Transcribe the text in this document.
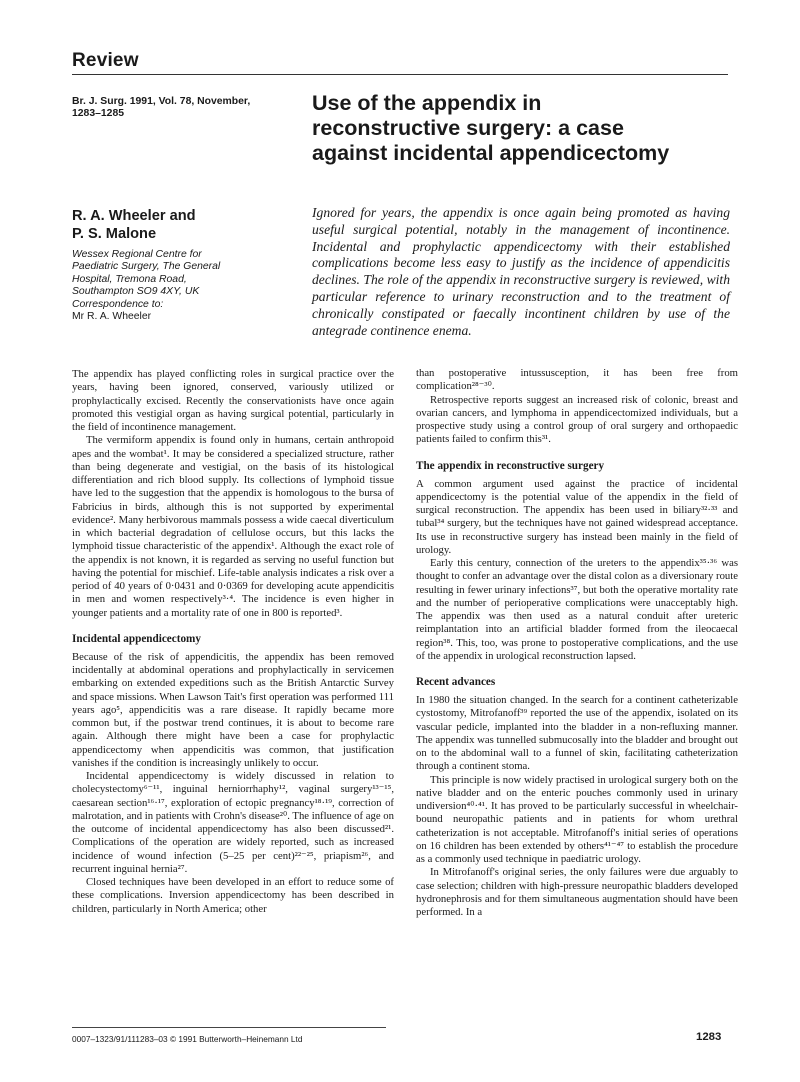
Review
Br. J. Surg. 1991, Vol. 78, November,
1283–1285	Use of the appendix in
reconstructive surgery: a case
against incidental appendicectomy
R. A. Wheeler and
P. S. Malone
Wessex Regional Centre for
Paediatric Surgery, The General
Hospital, Tremona Road,
Southampton SO9 4XY, UK
Correspondence to:
Mr R. A. Wheeler
Ignored for years, the appendix is once again being promoted as having useful surgical potential, notably in the management of incontinence. Incidental and prophylactic appendicectomy with their established complications become less easy to justify as the incidence of appendicitis declines. The role of the appendix in reconstructive surgery is reviewed, with particular reference to urinary reconstruction and to the treatment of chronically constipated or faecally incontinent children by use of the antegrade continence enema.

The appendix has played conflicting roles in surgical practice over the years, having been ignored, conserved, variously utilized or prophylactically excised. Recently the conservationists have once again promoted this vestigial organ as having surgical potential, particularly in the field of incontinence management.

The vermiform appendix is found only in humans, certain anthropoid apes and the wombat¹. It may be considered a specialized structure, rather than being degenerate and vestigial, on the basis of its histological differentiation and rich blood supply. Its collections of lymphoid tissue have led to the suggestion that the appendix is homologous to the bursa of Fabricius in birds, although this is not supported by experimental evidence². Many herbivorous mammals possess a wide caecal diverticulum in which bacterial degradation of cellulose occurs, but this lacks the lymphoid tissue characteristic of the appendix¹. Although the exact role of the appendix is not known, it is regarded as serving no useful function but having the potential for mischief. Life-table analysis indicates a risk over a period of 40 years of 0·0431 and 0·0369 for developing acute appendicitis in men and women respectively³·⁴. The incidence is even higher in younger patients and a mortality rate of one in 800 is reported³.

Incidental appendicectomy

Because of the risk of appendicitis, the appendix has been removed incidentally at abdominal operations and prophylactically in servicemen embarking on extended expeditions such as the British Antarctic Survey and space missions. When Lawson Tait's first operation was performed 111 years ago⁵, appendicitis was a rare disease. It rapidly became more common but, if the postwar trend continues, it is about to become rare again. Although there might have been a case for prophylactic appendicectomy when appendicitis was common, that justification vanishes if the condition is increasingly unlikely to occur.

Incidental appendicectomy is widely discussed in relation to cholecystectomy⁶⁻¹¹, inguinal herniorrhaphy¹², vaginal surgery¹³⁻¹⁵, caesarean section¹⁶·¹⁷, exploration of ectopic pregnancy¹⁸·¹⁹, correction of malrotation, and in patients with Crohn's disease²⁰. The influence of age on the outcome of incidental appendicectomy has also been discussed²¹. Complications of the operation are widely reported, such as increased incidence of wound infection (5–25 per cent)²²⁻²⁵, priapism²⁶, and recurrent inguinal hernia²⁷.

Closed techniques have been developed in an effort to reduce some of these complications. Inversion appendicectomy has been described in children, particularly in North America; other

than postoperative intussusception, it has been free from complication²⁸⁻³⁰.

Retrospective reports suggest an increased risk of colonic, breast and ovarian cancers, and lymphoma in appendicectomized individuals, but a prospective study using a control group of oral surgery and orthopaedic patients failed to confirm this³¹.

The appendix in reconstructive surgery

A common argument used against the practice of incidental appendicectomy is the potential value of the appendix in the field of surgical reconstruction. The appendix has been used in biliary³²·³³ and tubal³⁴ surgery, but the techniques have not gained widespread acceptance. Its use in reconstructive surgery has instead been mainly in the field of urology.

Early this century, connection of the ureters to the appendix³⁵·³⁶ was thought to confer an advantage over the distal colon as a diversionary route resulting in fewer urinary infections³⁷, but both the operative mortality rate and the number of perioperative complications were unacceptably high. The appendix was then used as a natural conduit after ureteric reimplantation into an artificial bladder formed from the ileocaecal region³⁸. This, too, was prone to postoperative complications, and the use of the appendix in urological reconstruction lapsed.

Recent advances

In 1980 the situation changed. In the search for a continent catheterizable cystostomy, Mitrofanoff³⁹ reported the use of the appendix, isolated on its vascular pedicle, implanted into the bladder in a non-refluxing manner. The appendix was tunnelled submucosally into the bladder and brought out on to the abdominal wall to a funnel of skin, facilitating catheterization through a continent stoma.

This principle is now widely practised in urological surgery both on the native bladder and on the enteric pouches commonly used in urinary undiversion⁴⁰·⁴¹. It has proved to be particularly successful in wheelchair-bound neuropathic patients and in patients for whom urethral catheterization is not acceptable. Mitrofanoff's initial series of operations on 16 children has been extended by others⁴¹⁻⁴⁷ to establish the procedure as a commonly used technique in paediatric urology.

In Mitrofanoff's original series, the only failures were due arguably to case selection; children with high-pressure neuropathic bladders developed hydronephrosis and for them simultaneous augmentation should have been performed. In a

0007–1323/91/111283–03 © 1991 Butterworth–Heinemann Ltd	1283
